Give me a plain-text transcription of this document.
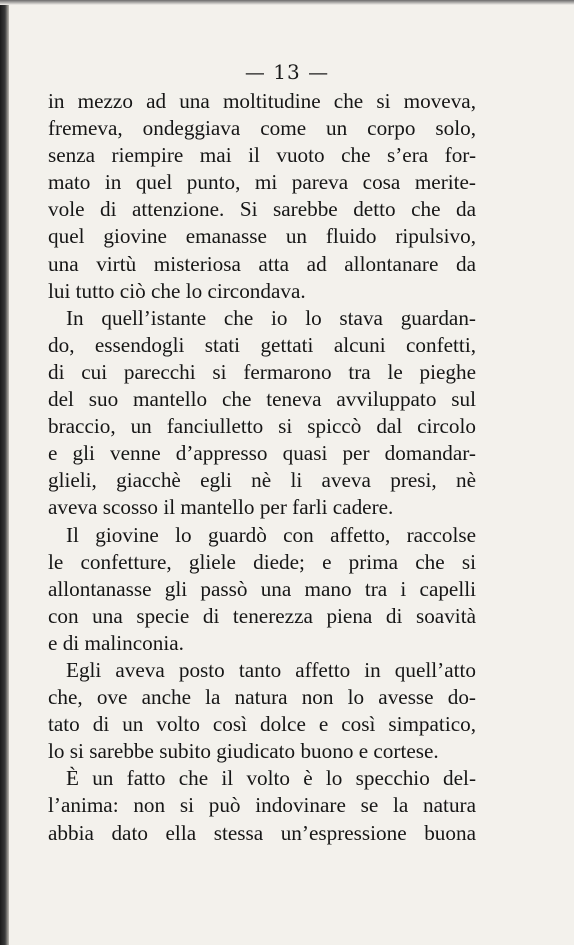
— 13 —

in mezzo ad una moltitudine che si moveva,
fremeva, ondeggiava come un corpo solo,
senza riempire mai il vuoto che s’era for-
mato in quel punto, mi pareva cosa merite-
vole di attenzione. Si sarebbe detto che da
quel giovine emanasse un fluido ripulsivo,
una virtù misteriosa atta ad allontanare da
lui tutto ciò che lo circondava.

In quell’istante che io lo stava guardan-
do, essendogli stati gettati alcuni confetti,
di cui parecchi si fermarono tra le pieghe
del suo mantello che teneva avviluppato sul
braccio, un fanciulletto si spiccò dal circolo
e gli venne d’appresso quasi per domandar-
glieli, giacchè egli nè li aveva presi, nè
aveva scosso il mantello per farli cadere.

Il giovine lo guardò con affetto, raccolse
le confetture, gliele diede; e prima che si
allontanasse gli passò una mano tra i capelli
con una specie di tenerezza piena di soavità
e di malinconia.

Egli aveva posto tanto affetto in quell’atto
che, ove anche la natura non lo avesse do-
tato di un volto così dolce e così simpatico,
lo si sarebbe subito giudicato buono e cortese.

È un fatto che il volto è lo specchio del-
l’anima: non si può indovinare se la natura
abbia dato ella stessa un’espressione buona
